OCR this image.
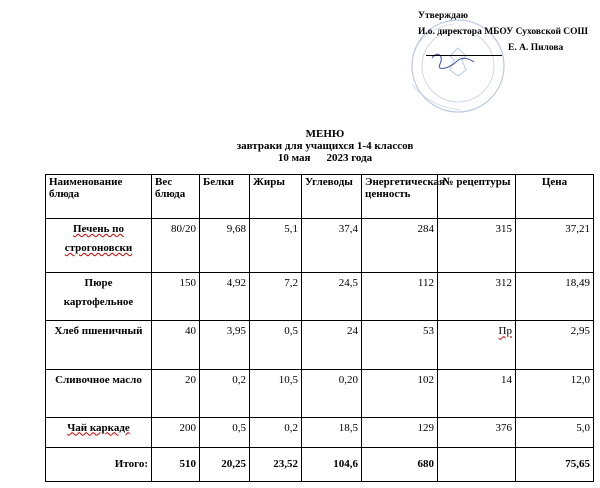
Утверждаю
И.о. директора МБОУ Суховской СОШ
Е. А. Пилова
МЕНЮ
завтраки для учащихся 1-4 классов
10 мая 2023 года
Наименование блюда	Вес блюда	Белки	Жиры	Углеводы	Энергетическая ценность	№ рецептуры	Цена
Печень по строгоновски	80/20	9,68	5,1	37,4	284	315	37,21
Пюре картофельное	150	4,92	7,2	24,5	112	312	18,49
Хлеб пшеничный	40	3,95	0,5	24	53	Пр	2,95
Сливочное масло	20	0,2	10,5	0,20	102	14	12,0
Чай каркаде	200	0,5	0,2	18,5	129	376	5,0
Итого:	510	20,25	23,52	104,6	680		75,65
